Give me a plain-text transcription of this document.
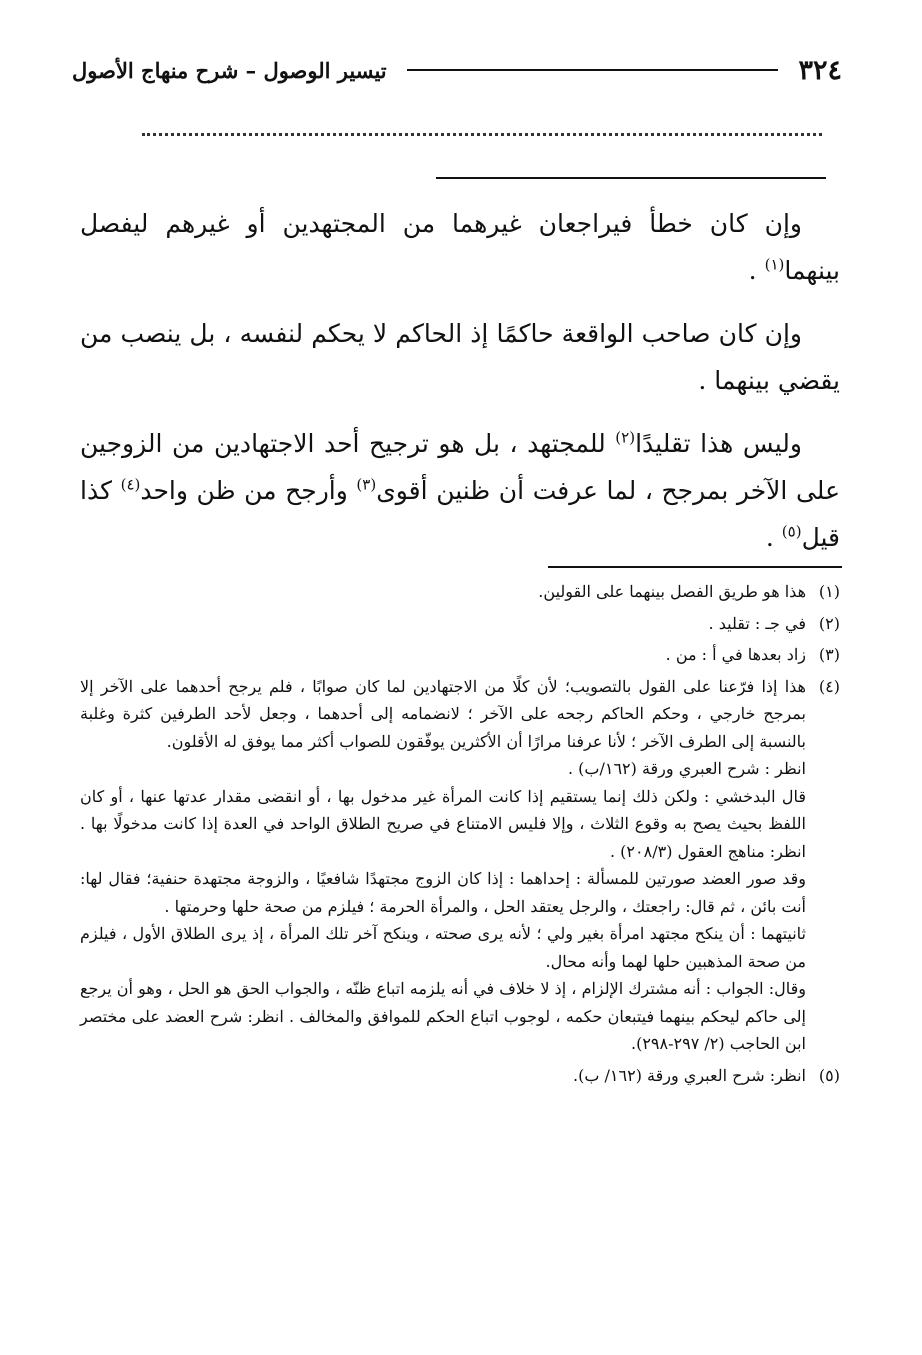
٣٢٤
تيسير الوصول – شرح منهاج الأصول

وإن كان خطأ فيراجعان غيرهما من المجتهدين أو غيرهم ليفصل بينهما$^{(١)}$ .

وإن كان صاحب الواقعة حاكمًا إذ الحاكم لا يحكم لنفسه ، بل ينصب من يقضي بينهما .

وليس هذا تقليدًا$^{(٢)}$ للمجتهد ، بل هو ترجيح أحد الاجتهادين من الزوجين على الآخر بمرجح ، لما عرفت أن ظنين أقوى$^{(٣)}$ وأرجح من ظن واحد$^{(٤)}$ كذا قيل$^{(٥)}$ .

(١)
هذا هو طريق الفصل بينهما على القولين.
(٢)
في جـ : تقليد .
(٣)
زاد بعدها في أ : من .
(٤)

هذا إذا فرّعنا على القول بالتصويب؛ لأن كلًا من الاجتهادين لما كان صوابًا ، فلم يرجح أحدهما على الآخر إلا بمرجح خارجي ، وحكم الحاكم رجحه على الآخر ؛ لانضمامه إلى أحدهما ، وجعل لأحد الطرفين كثرة وغلبة بالنسبة إلى الطرف الآخر ؛ لأنا عرفنا مرارًا أن الأكثرين يوفّقون للصواب أكثر مما يوفق له الأقلون.

انظر : شرح العبري ورقة (١٦٢/ب) .

قال البدخشي : ولكن ذلك إنما يستقيم إذا كانت المرأة غير مدخول بها ، أو انقضى مقدار عدتها عنها ، أو كان اللفظ بحيث يصح به وقوع الثلاث ، وإلا فليس الامتناع في صريح الطلاق الواحد في العدة إذا كانت مدخولًا بها . انظر: مناهج العقول (٢٠٨/٣) .

وقد صور العضد صورتين للمسألة : إحداهما : إذا كان الزوج مجتهدًا شافعيًا ، والزوجة مجتهدة حنفية؛ فقال لها: أنت بائن ، ثم قال: راجعتك ، والرجل يعتقد الحل ، والمرأة الحرمة ؛ فيلزم من صحة حلها وحرمتها .

ثانيتهما : أن ينكح مجتهد امرأة بغير ولي ؛ لأنه يرى صحته ، وينكح آخر تلك المرأة ، إذ يرى الطلاق الأول ، فيلزم من صحة المذهبين حلها لهما وأنه محال.

وقال: الجواب : أنه مشترك الإلزام ، إذ لا خلاف في أنه يلزمه اتباع ظنّه ، والجواب الحق هو الحل ، وهو أن يرجع إلى حاكم ليحكم بينهما فيتبعان حكمه ، لوجوب اتباع الحكم للموافق والمخالف . انظر: شرح العضد على مختصر ابن الحاجب (٢/ ٢٩٧-٢٩٨).

(٥)
انظر: شرح العبري ورقة (١٦٢/ ب).
